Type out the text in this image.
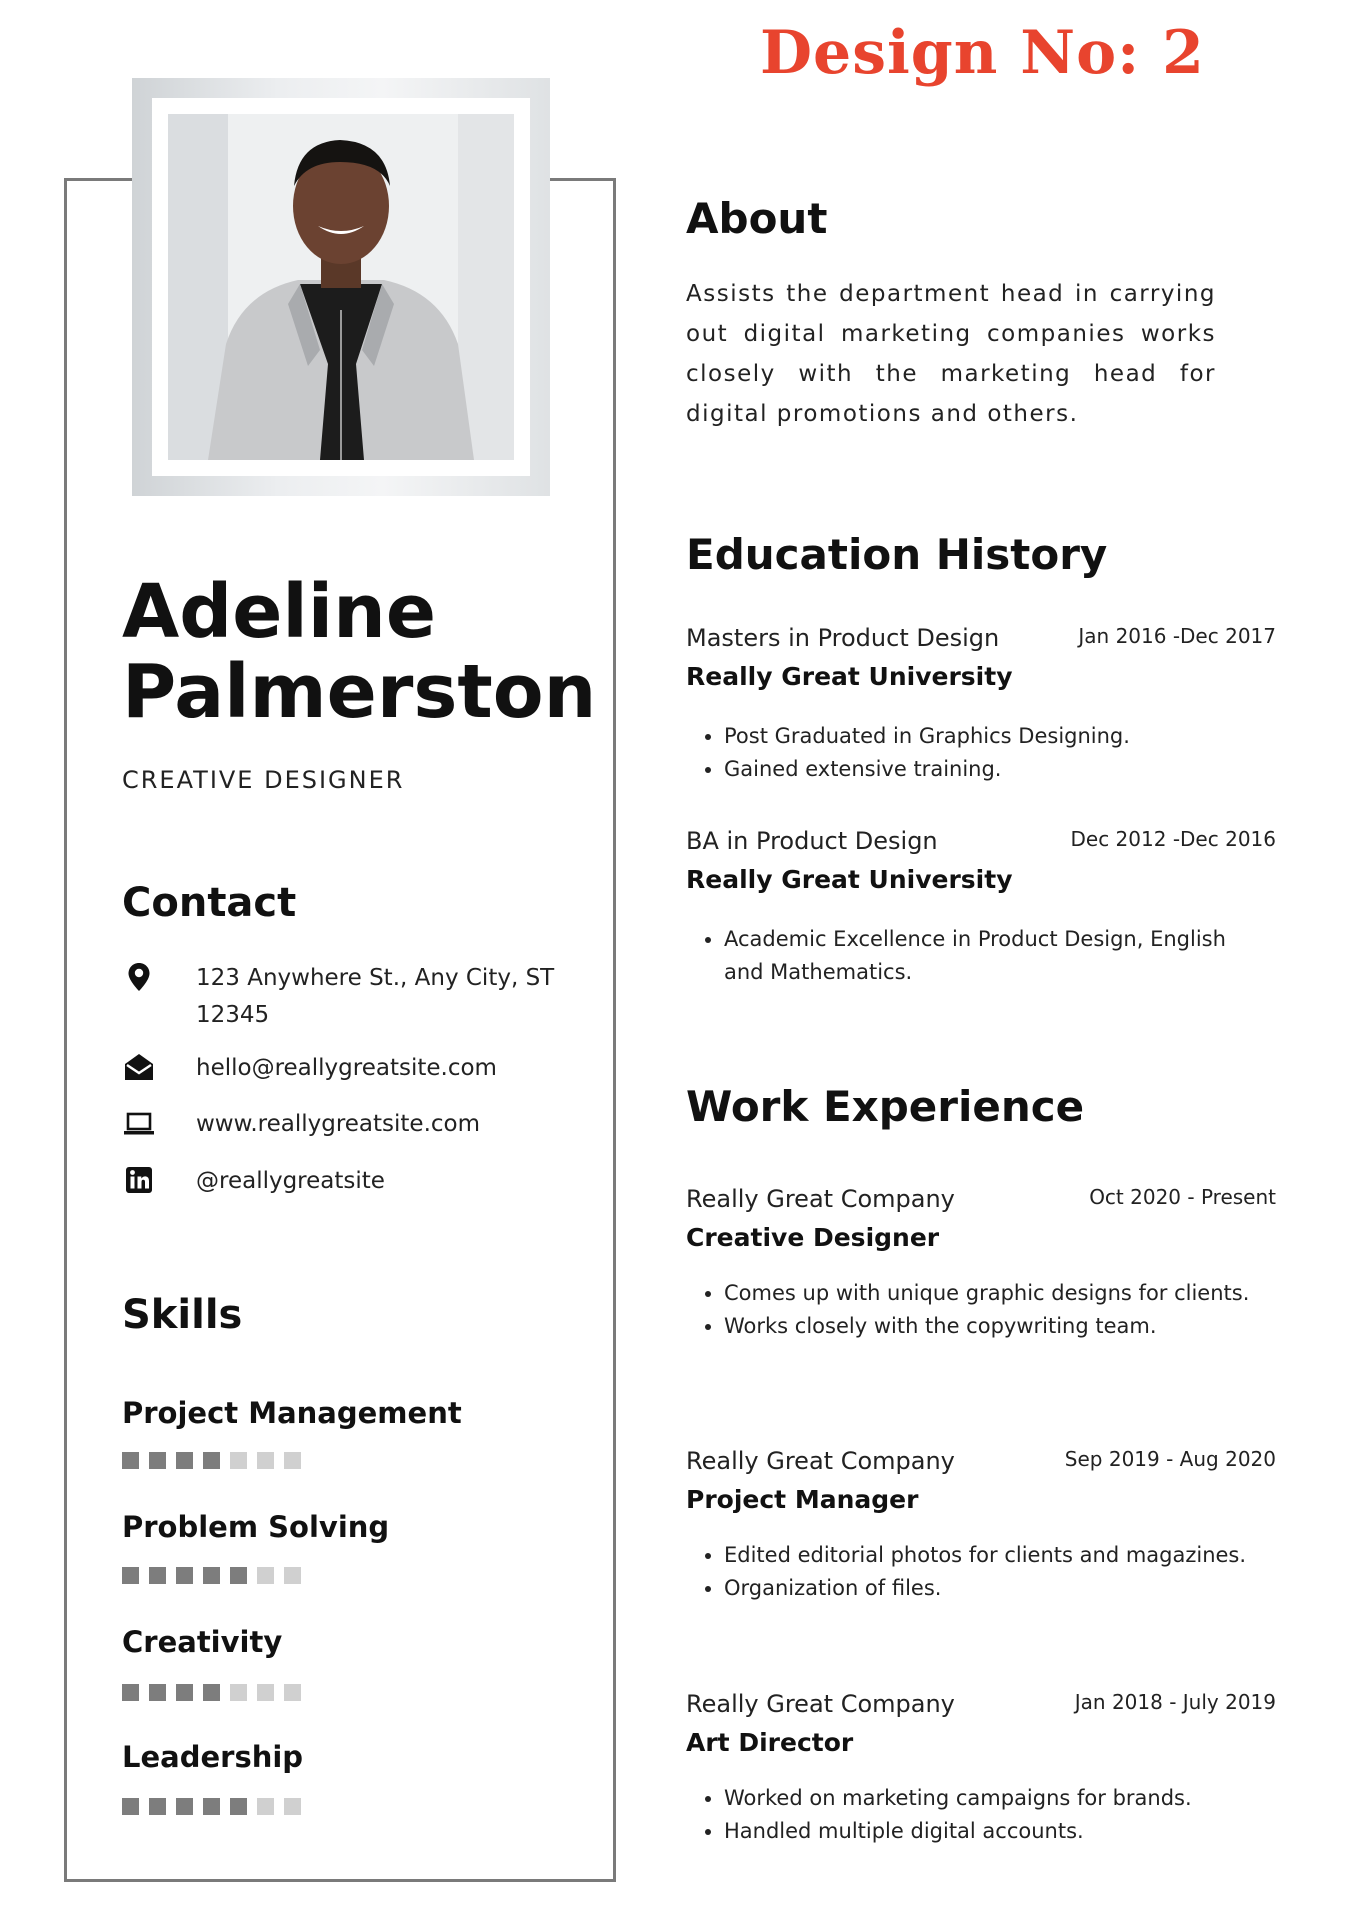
Design No: 2
Adeline
Palmerston
CREATIVE DESIGNER
Contact
123 Anywhere St., Any City, ST 12345
hello@reallygreatsite.com
www.reallygreatsite.com
@reallygreatsite
Skills
Project Management
Problem Solving
Creativity
Leadership
About
Assists the department head in carrying out digital marketing companies works closely with the marketing head for digital promotions and others.
Education History
Masters in Product Design	Jan 2016 -Dec 2017
Really Great University
• Post Graduated in Graphics Designing.
• Gained extensive training.
BA in Product Design	Dec 2012 -Dec 2016
Really Great University
• Academic Excellence in Product Design, English and Mathematics.
Work Experience
Really Great Company	Oct 2020 - Present
Creative Designer
• Comes up with unique graphic designs for clients.
• Works closely with the copywriting team.
Really Great Company	Sep 2019 - Aug 2020
Project Manager
• Edited editorial photos for clients and magazines.
• Organization of files.
Really Great Company	Jan 2018 - July 2019
Art Director
• Worked on marketing campaigns for brands.
• Handled multiple digital accounts.
